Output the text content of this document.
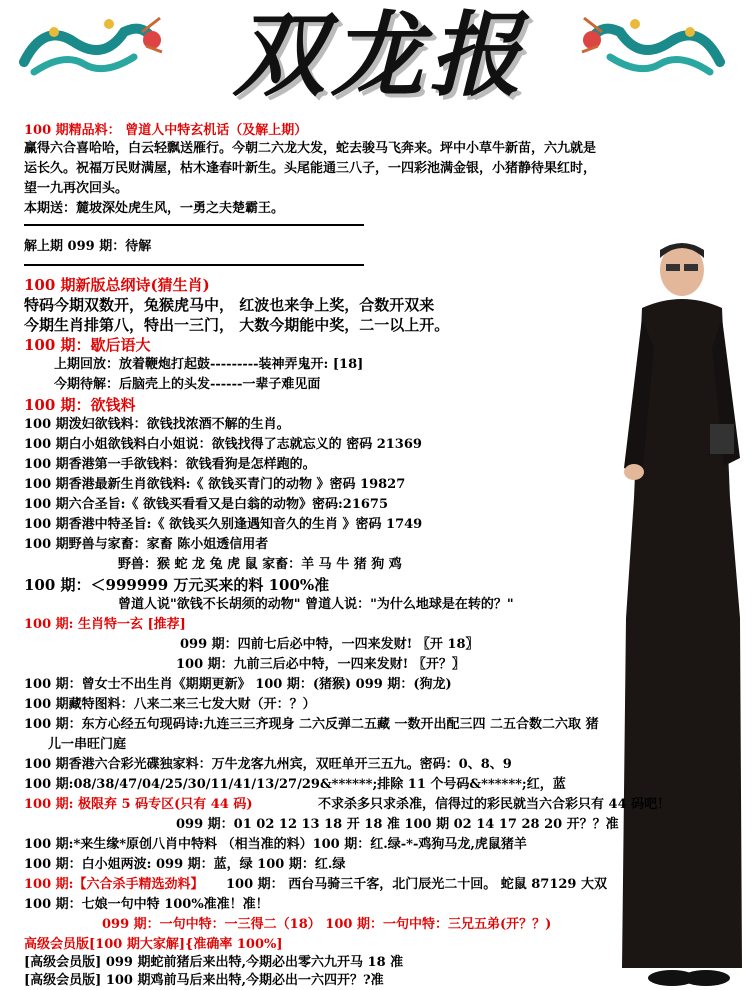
双龙报
100 期精品料： 曾道人中特玄机话（及解上期）
赢得六合喜哈哈，白云轻飘送雁行。今朝二六龙大发，蛇去骏马飞奔来。坪中小草牛新苗，六九就是
运长久。祝福万民财满屋，枯木逢春叶新生。头尾能通三八子，一四彩池满金银，小猪静待果红时，
望一九再次回头。
本期送：麓坡深处虎生风，一勇之夫楚霸王。
解上期 099 期：待解
100 期新版总纲诗(猜生肖)
特码今期双数开，兔猴虎马中， 红波也来争上奖，合数开双来
今期生肖排第八，特出一三门， 大数今期能中奖，二一以上开。
100 期：歇后语大
上期回放：放着鞭炮打起鼓---------装神弄鬼开: [18]
今期待解：后脑壳上的头发------一辈子难见面
100 期：欲钱料
100 期泼妇欲钱料：欲钱找浓酒不解的生肖。
100 期白小姐欲钱料白小姐说：欲钱找得了志就忘义的 密码 21369
100 期香港第一手欲钱料：欲钱看狗是怎样跑的。
100 期香港最新生肖欲钱料:《 欲钱买青门的动物 》密码 19827
100 期六合圣旨:《 欲钱买看看又是白翁的动物》密码:21675
100 期香港中特圣旨:《 欲钱买久别逢遇知音久的生肖 》密码 1749
100 期野兽与家畜：家畜 陈小姐透信用者
野兽：猴 蛇 龙 兔 虎 鼠 家畜：羊 马 牛 猪 狗 鸡
100 期：＜999999 万元买来的料 100%准
曾道人说"欲钱不长胡须的动物" 曾道人说："为什么地球是在转的？"
100 期: 生肖特一玄 [推荐]
099 期：四前七后必中特，一四来发财! 〖开 18〗
100 期：九前三后必中特，一四来发财! 〖开？〗
100 期：曾女士不出生肖《期期更新》 100 期：(猪猴) 099 期：(狗龙)
100 期藏特图料：八来二来三七发大财（开：？）
100 期：东方心经五句现码诗:九连三三齐现身 二六反弹二五藏 一数开出配三四 二五合数二六取 猪
儿一串旺门庭
100 期香港六合彩光碟独家料：万牛龙客九州宾，双旺单开三五九。密码：0、8、9
100 期:08/38/47/04/25/30/11/41/13/27/29&******;排除 11 个号码&******;红，蓝
100 期: 极限弃 5 码专区(只有 44 码)	不求杀多只求杀准，信得过的彩民就当六合彩只有 44 码吧！
099 期：01 02 12 13 18 开 18 准 100 期 02 14 17 28 20 开？？准
100 期:*来生缘*原创八肖中特料 （相当准的料）100 期：红.绿-*-鸡狗马龙,虎鼠猪羊
100 期：白小姐两波: 099 期：蓝，绿 100 期：红.绿
100 期:【六合杀手精选劲料】 100 期： 西台马骑三千客，北门辰光二十回。 蛇鼠 87129 大双
100 期：七娘一句中特 100%准准！准！
099 期：一句中特：一三得二（18） 100 期：一句中特：三兄五弟(开？？)
高级会员版[100 期大家解]{准确率 100%]
[高级会员版] 099 期蛇前猪后来出特,今期必出零六九开马 18 准
[高级会员版] 100 期鸡前马后来出特,今期必出一六四开？?准
